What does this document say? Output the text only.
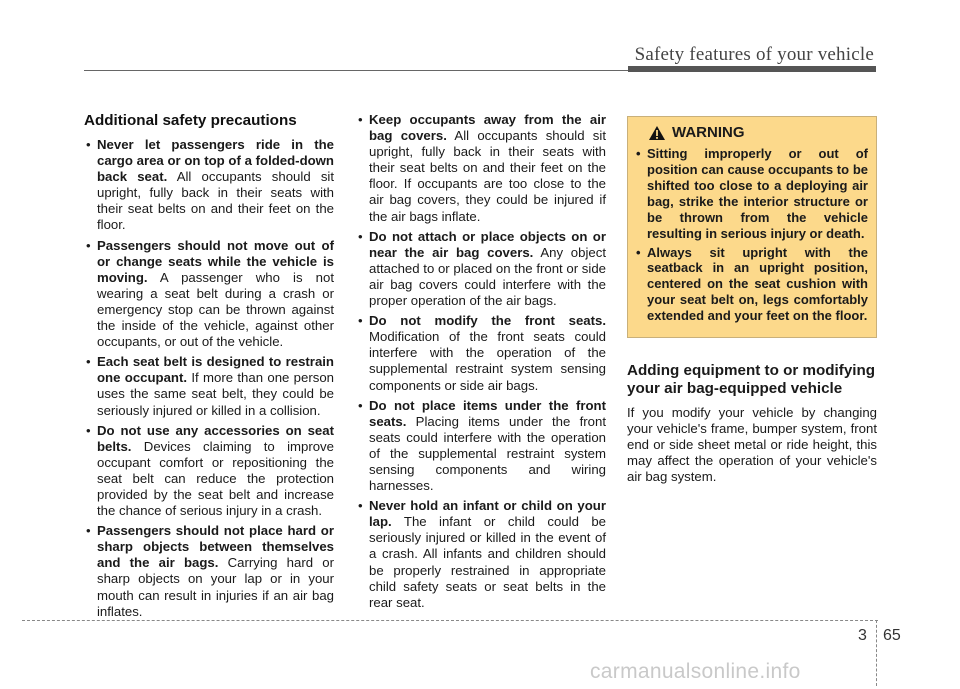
Safety features of your vehicle
Additional safety precautions
• Never let passengers ride in the cargo area or on top of a folded-down back seat. All occupants should sit upright, fully back in their seats with their seat belts on and their feet on the floor.
• Passengers should not move out of or change seats while the vehicle is moving. A passenger who is not wearing a seat belt during a crash or emergency stop can be thrown against the inside of the vehicle, against other occupants, or out of the vehicle.
• Each seat belt is designed to restrain one occupant. If more than one person uses the same seat belt, they could be seriously injured or killed in a collision.
• Do not use any accessories on seat belts. Devices claiming to improve occupant comfort or repositioning the seat belt can reduce the protection provided by the seat belt and increase the chance of serious injury in a crash.
• Passengers should not place hard or sharp objects between themselves and the air bags. Carrying hard or sharp objects on your lap or in your mouth can result in injuries if an air bag inflates.
• Keep occupants away from the air bag covers. All occupants should sit upright, fully back in their seats with their seat belts on and their feet on the floor. If occupants are too close to the air bag covers, they could be injured if the air bags inflate.
• Do not attach or place objects on or near the air bag covers. Any object attached to or placed on the front or side air bag covers could interfere with the proper operation of the air bags.
• Do not modify the front seats. Modification of the front seats could interfere with the operation of the supplemental restraint system sensing components or side air bags.
• Do not place items under the front seats. Placing items under the front seats could interfere with the operation of the supplemental restraint system sensing components and wiring harnesses.
• Never hold an infant or child on your lap. The infant or child could be seriously injured or killed in the event of a crash. All infants and children should be properly restrained in appropriate child safety seats or seat belts in the rear seat.
WARNING
• Sitting improperly or out of position can cause occupants to be shifted too close to a deploying air bag, strike the interior structure or be thrown from the vehicle resulting in serious injury or death.
• Always sit upright with the seatback in an upright position, centered on the seat cushion with your seat belt on, legs comfortably extended and your feet on the floor.
Adding equipment to or modifying your air bag-equipped vehicle
If you modify your vehicle by changing your vehicle's frame, bumper system, front end or side sheet metal or ride height, this may affect the operation of your vehicle's air bag system.
3 65
carmanualsonline.info
